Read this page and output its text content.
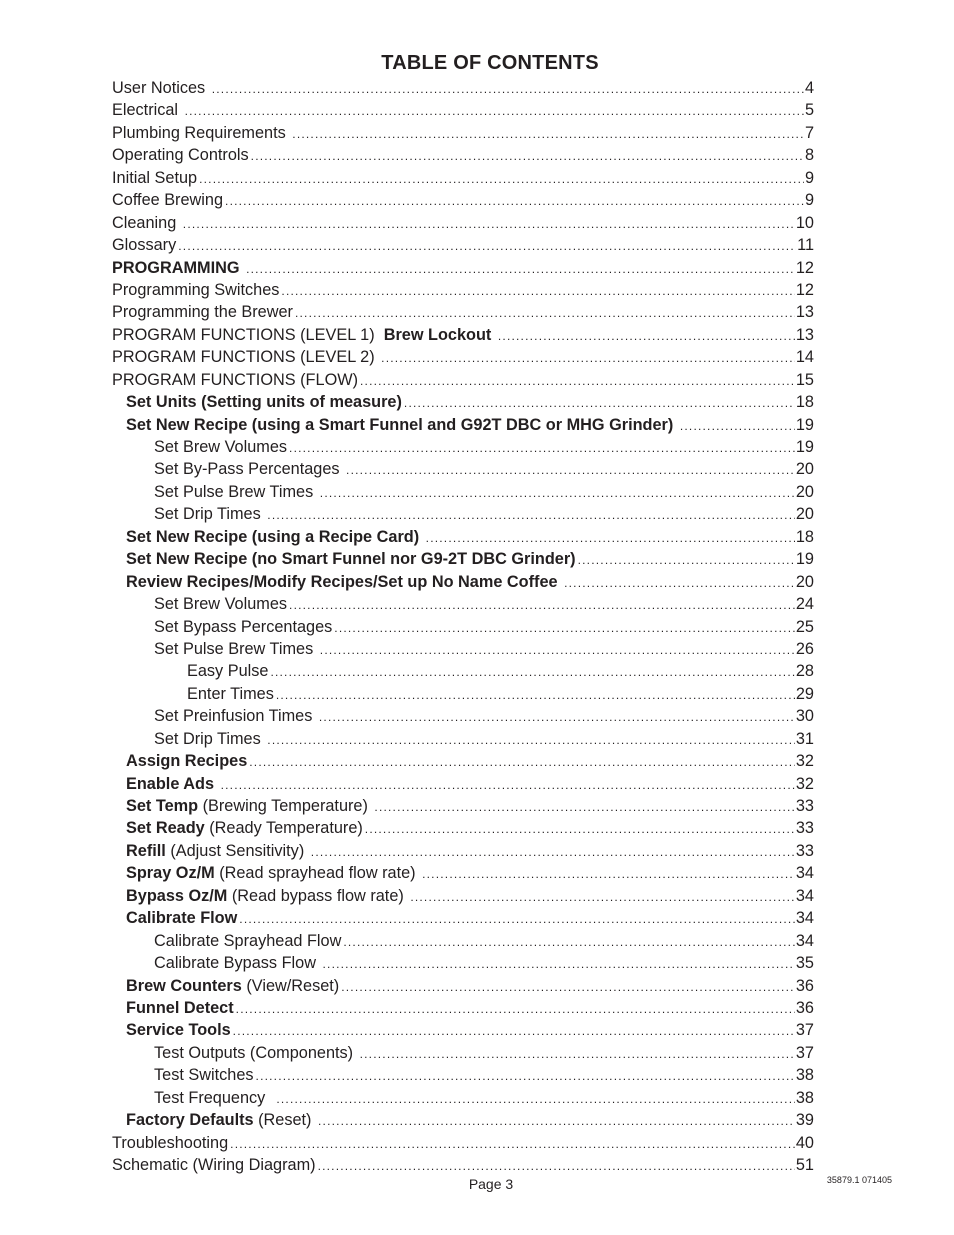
TABLE OF CONTENTS
User Notices .....	4
Electrical .....	5
Plumbing Requirements .....	7
Operating Controls .....	8
Initial Setup .....	9
Coffee Brewing .....	9
Cleaning .....	10
Glossary .....	11
PROGRAMMING .....	12
Programming Switches .....	12
Programming the Brewer .....	13
PROGRAM FUNCTIONS (LEVEL 1)  Brew Lockout .....	13
PROGRAM FUNCTIONS (LEVEL 2) .....	14
PROGRAM FUNCTIONS (FLOW) .....	15
Set Units (Setting units of measure) .....	18
Set New Recipe (using a Smart Funnel and G92T DBC or MHG Grinder) .....	19
Set Brew Volumes .....	19
Set By-Pass Percentages .....	20
Set Pulse Brew Times .....	20
Set Drip Times .....	20
Set New Recipe (using a Recipe Card) .....	18
Set New Recipe (no Smart Funnel nor G9-2T DBC Grinder) .....	19
Review Recipes/Modify Recipes/Set up No Name Coffee .....	20
Set Brew Volumes .....	24
Set Bypass Percentages .....	25
Set Pulse Brew Times .....	26
Easy Pulse .....	28
Enter Times .....	29
Set Preinfusion Times .....	30
Set Drip Times .....	31
Assign Recipes .....	32
Enable Ads .....	32
Set Temp (Brewing Temperature) .....	33
Set Ready (Ready Temperature) .....	33
Refill (Adjust Sensitivity) .....	33
Spray Oz/M (Read sprayhead flow rate) .....	34
Bypass Oz/M (Read bypass flow rate) .....	34
Calibrate Flow .....	34
Calibrate Sprayhead Flow .....	34
Calibrate Bypass Flow .....	35
Brew Counters (View/Reset) .....	36
Funnel Detect .....	36
Service Tools .....	37
Test Outputs (Components) .....	37
Test Switches .....	38
Test Frequency .....	38
Factory Defaults (Reset) .....	39
Troubleshooting .....	40
Schematic (Wiring Diagram) .....	51
Page 3	35879.1 071405
